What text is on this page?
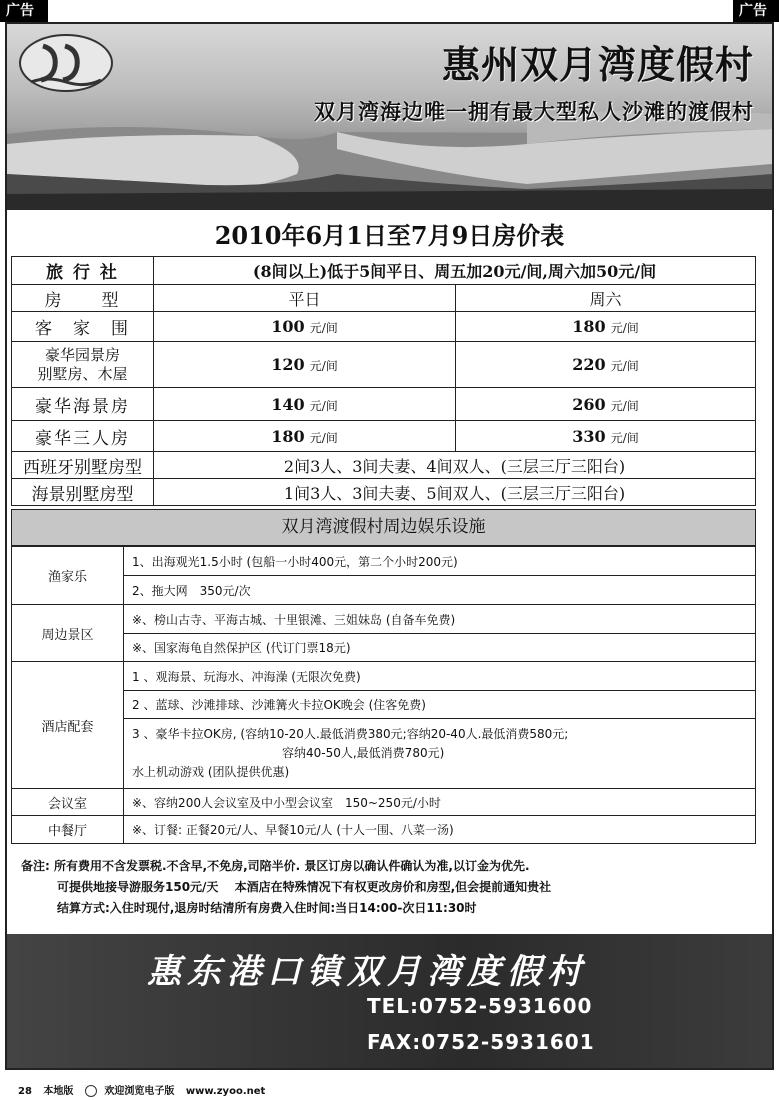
广告	广告
惠州双月湾度假村
双月湾海边唯一拥有最大型私人沙滩的渡假村
2010年6月1日至7月9日房价表
旅 行 社	(8间以上)低于5间平日、周五加20元/间,周六加50元/间	
房　　型	平日	周六
客　家　围	100 元/间	180 元/间
豪华园景房
别墅房、木屋	120 元/间	220 元/间
豪华海景房	140 元/间	260 元/间
豪华三人房	180 元/间	330 元/间
西班牙别墅房型	2间3人、3间夫妻、4间双人、(三层三厅三阳台)	
海景别墅房型	1间3人、3间夫妻、5间双人、(三层三厅三阳台)	
双月湾渡假村周边娱乐设施
渔家乐	1、出海观光1.5小时 (包船一小时400元，第二个小时200元)
	2、拖大网　350元/次
周边景区	※、榜山古寺、平海古城、十里银滩、三姐妹岛 (自备车免费)
	※、国家海龟自然保护区 (代订门票18元)
酒店配套	1 、观海景、玩海水、冲海澡 (无限次免费)
	2 、蓝球、沙滩排球、沙滩篝火卡拉OK晚会 (住客免费)

	3 、豪华卡拉OK房, (容纳10-20人.最低消费380元;容纳20-40人.最低消费580元;
容纳40-50人,最低消费780元)
水上机动游戏 (团队提供优惠)

会议室	※、容纳200人会议室及中小型会议室　150~250元/小时
中餐厅	※、订餐: 正餐20元/人、早餐10元/人 (十人一围、八菜一汤)
备注: 所有费用不含发票税.不含早,不免房,司陪半价. 景区订房以确认件确认为准,以订金为优先.
可提供地接导游服务150元/天　 本酒店在特殊情况下有权更改房价和房型,但会提前通知贵社
结算方式:入住时现付,退房时结清所有房费入住时间:当日14:00-次日11:30时
惠东港口镇双月湾度假村
TEL:0752-5931600
FAX:0752-5931601
28 本地版	欢迎浏览电子版 www.zyoo.net
